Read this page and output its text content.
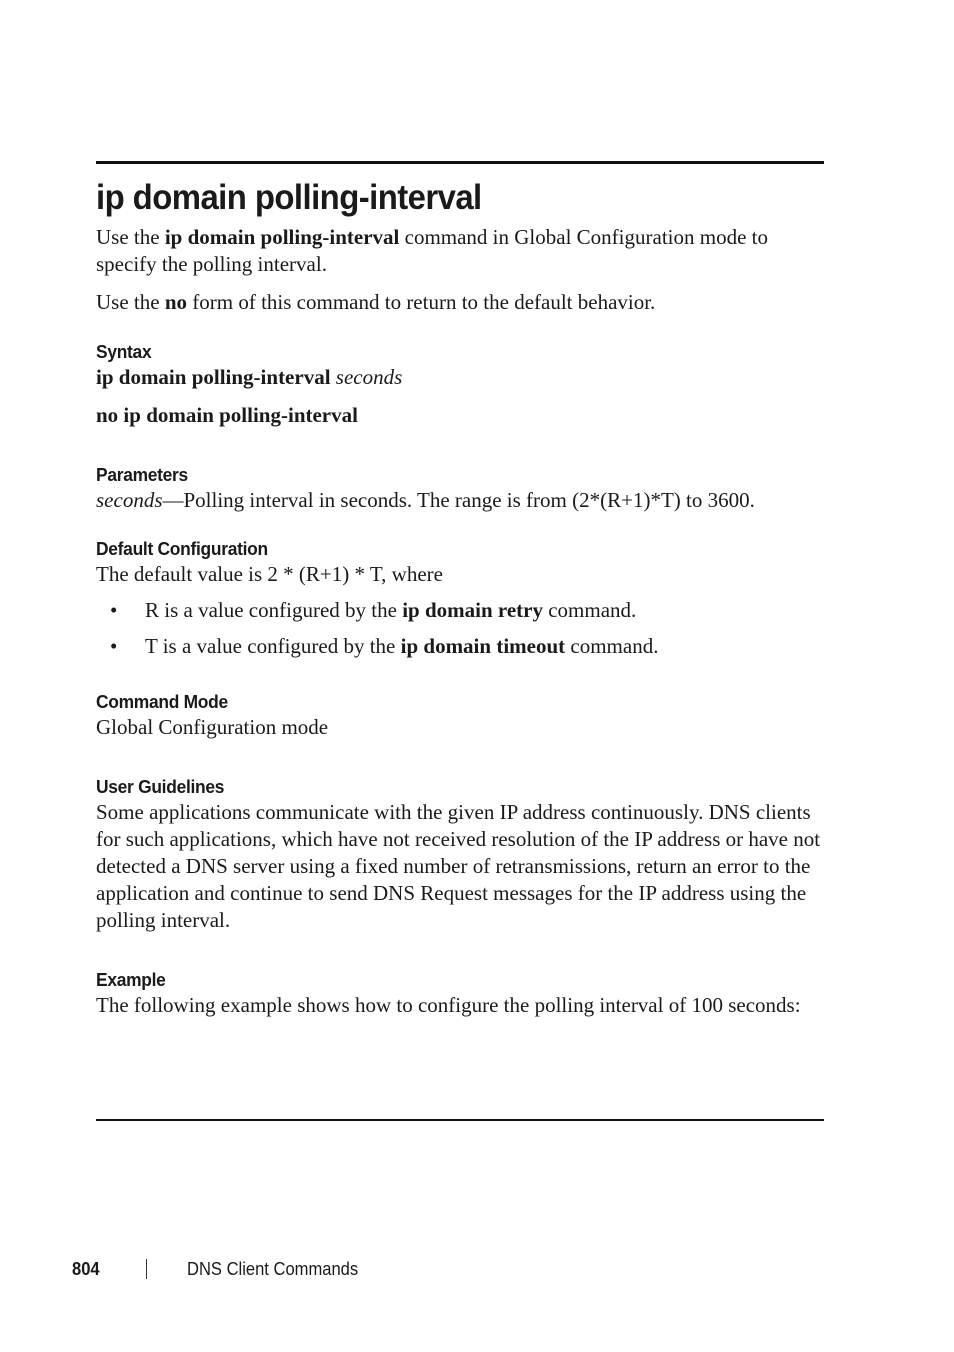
ip domain polling-interval

Use the ip domain polling-interval command in Global Configuration mode to specify the polling interval.

Use the no form of this command to return to the default behavior.

Syntax
ip domain polling-interval seconds
no ip domain polling-interval
Parameters

seconds—Polling interval in seconds. The range is from (2*(R+1)*T) to 3600.

Default Configuration

The default value is 2 * (R+1) * T, where

• R is a value configured by the ip domain retry command.
• T is a value configured by the ip domain timeout command.
Command Mode

Global Configuration mode

User Guidelines

Some applications communicate with the given IP address continuously. DNS clients for such applications, which have not received resolution of the IP address or have not detected a DNS server using a fixed number of retransmissions, return an error to the application and continue to send DNS Request messages for the IP address using the polling interval.

Example

The following example shows how to configure the polling interval of 100 seconds:

804	DNS Client Commands
